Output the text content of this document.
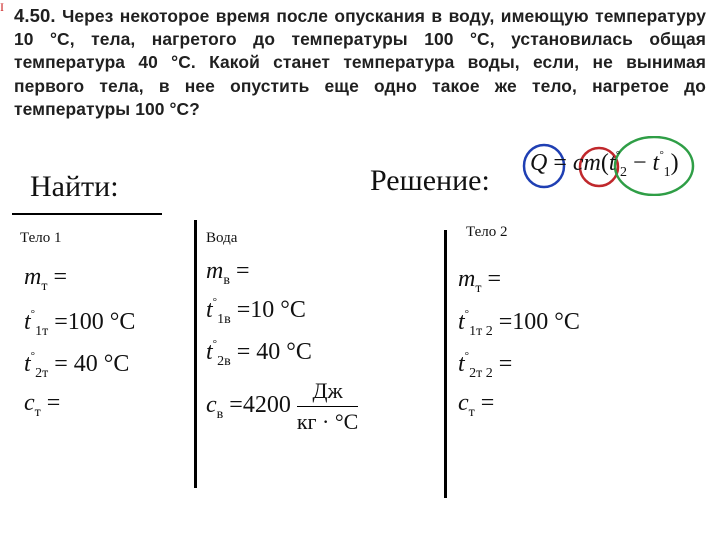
I 4.50. Через некоторое время после опускания в воду, имеющую температуру 10 °С, тела, нагретого до температуры 100 °С, установилась общая температура 40 °С. Какой станет температура воды, если, не вынимая первого тела, в нее опустить еще одно такое же тело, нагретое до температуры 100 °С?
Найти:	Решение:
$Q = cm(t^\circ_2 - t^\circ_1)$
Тело 1
$m_т$ =
$t^\circ_{1т} =100$ °С
$t^\circ_{2т} = 40$ °С
$c_т$ =
Вода
$m_в$ =
$t^\circ_{1в} =10$ °С
$t^\circ_{2в} = 40$ °С
$c_в =4200 \frac{Дж}{кг \cdot ^\circ С}$
Тело 2
$m_т$ =
$t^\circ_{1т 2} =100$ °С
$t^\circ_{2т 2}$ =
$c_т$ =
